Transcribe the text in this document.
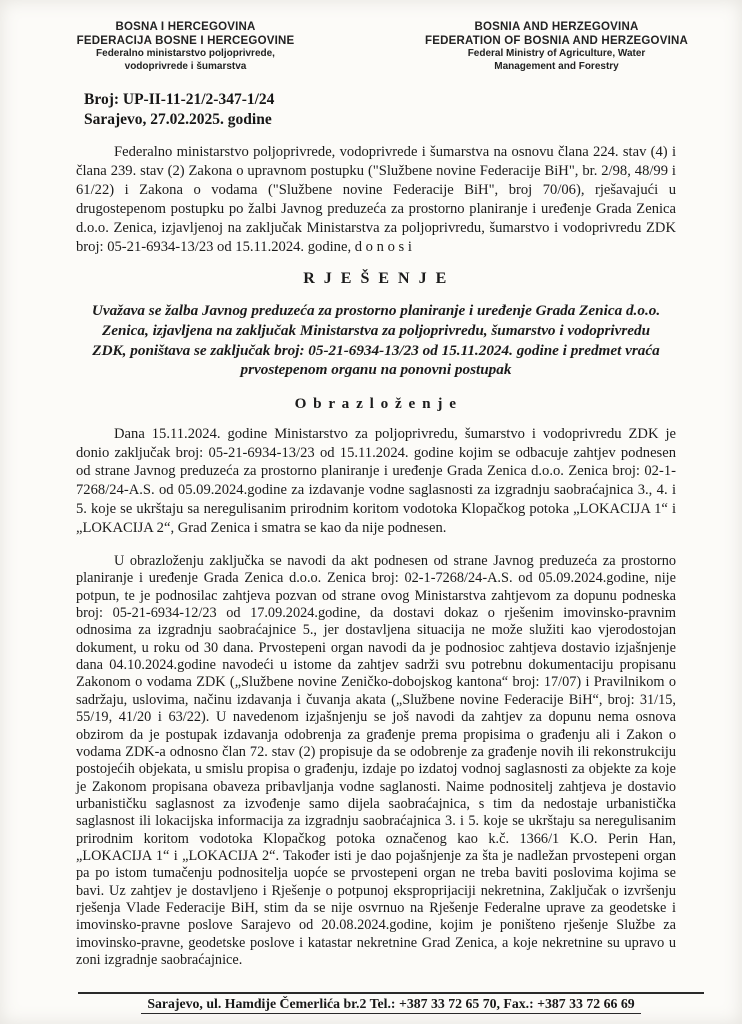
BOSNA I HERCEGOVINA
FEDERACIJA BOSNE I HERCEGOVINE
Federalno ministarstvo poljoprivrede,
vodoprivrede i šumarstva
BOSNIA AND HERZEGOVINA
FEDERATION OF BOSNIA AND HERZEGOVINA
Federal Ministry of Agriculture, Water
Management and Forestry
Broj: UP-II-11-21/2-347-1/24
Sarajevo, 27.02.2025. godine

Federalno ministarstvo poljoprivrede, vodoprivrede i šumarstva na osnovu člana 224. stav (4) i člana 239. stav (2) Zakona o upravnom postupku ("Službene novine Federacije BiH", br. 2/98, 48/99 i 61/22) i Zakona o vodama ("Službene novine Federacije BiH", broj 70/06), rješavajući u drugostepenom postupku po žalbi Javnog preduzeća za prostorno planiranje i uređenje Grada Zenica d.o.o. Zenica, izjavljenoj na zaključak Ministarstva za poljoprivredu, šumarstvo i vodoprivredu ZDK broj: 05-21-6934-13/23 od 15.11.2024. godine, d o n o s i

R J E Š E N J E

Uvažava se žalba Javnog preduzeća za prostorno planiranje i uređenje Grada Zenica d.o.o. Zenica, izjavljena na zaključak Ministarstva za poljoprivredu, šumarstvo i vodoprivredu ZDK, poništava se zaključak broj: 05-21-6934-13/23 od 15.11.2024. godine i predmet vraća prvostepenom organu na ponovni postupak

O b r a z l o ž e n j e

Dana 15.11.2024. godine Ministarstvo za poljoprivredu, šumarstvo i vodoprivredu ZDK je donio zaključak broj: 05-21-6934-13/23 od 15.11.2024. godine kojim se odbacuje zahtjev podnesen od strane Javnog preduzeća za prostorno planiranje i uređenje Grada Zenica d.o.o. Zenica broj: 02-1-7268/24-A.S. od 05.09.2024.godine za izdavanje vodne saglasnosti za izgradnju saobraćajnica 3., 4. i 5. koje se ukrštaju sa neregulisanim prirodnim koritom vodotoka Klopačkog potoka „LOKACIJA 1“ i „LOKACIJA 2“, Grad Zenica i smatra se kao da nije podnesen.

U obrazloženju zaključka se navodi da akt podnesen od strane Javnog preduzeća za prostorno planiranje i uređenje Grada Zenica d.o.o. Zenica broj: 02-1-7268/24-A.S. od 05.09.2024.godine, nije potpun, te je podnosilac zahtjeva pozvan od strane ovog Ministarstva zahtjevom za dopunu podneska broj: 05-21-6934-12/23 od 17.09.2024.godine, da dostavi dokaz o rješenim imovinsko-pravnim odnosima za izgradnju saobraćajnice 5., jer dostavljena situacija ne može služiti kao vjerodostojan dokument, u roku od 30 dana. Prvostepeni organ navodi da je podnosioc zahtjeva dostavio izjašnjenje dana 04.10.2024.godine navodeći u istome da zahtjev sadrži svu potrebnu dokumentaciju propisanu Zakonom o vodama ZDK („Službene novine Zeničko-dobojskog kantona“ broj: 17/07) i Pravilnikom o sadržaju, uslovima, načinu izdavanja i čuvanja akata („Službene novine Federacije BiH“, broj: 31/15, 55/19, 41/20 i 63/22). U navedenom izjašnjenju se još navodi da zahtjev za dopunu nema osnova obzirom da je postupak izdavanja odobrenja za građenje prema propisima o građenju ali i Zakon o vodama ZDK-a odnosno član 72. stav (2) propisuje da se odobrenje za građenje novih ili rekonstrukciju postojećih objekata, u smislu propisa o građenju, izdaje po izdatoj vodnoj saglasnosti za objekte za koje je Zakonom propisana obaveza pribavljanja vodne saglanosti. Naime podnositelj zahtjeva je dostavio urbanističku saglasnost za izvođenje samo dijela saobraćajnica, s tim da nedostaje urbanistička saglasnost ili lokacijska informacija za izgradnju saobraćajnica 3. i 5. koje se ukrštaju sa neregulisanim prirodnim koritom vodotoka Klopačkog potoka označenog kao k.č. 1366/1 K.O. Perin Han, „LOKACIJA 1“ i „LOKACIJA 2“. Također isti je dao pojašnjenje za šta je nadležan prvostepeni organ pa po istom tumačenju podnositelja uopće se prvostepeni organ ne treba baviti poslovima kojima se bavi. Uz zahtjev je dostavljeno i Rješenje o potpunoj eksproprijaciji nekretnina, Zaključak o izvršenju rješenja Vlade Federacije BiH, stim da se nije osvrnuo na Rješenje Federalne uprave za geodetske i imovinsko-pravne poslove Sarajevo od 20.08.2024.godine, kojim je poništeno rješenje Službe za imovinsko-pravne, geodetske poslove i katastar nekretnine Grad Zenica, a koje nekretnine su upravo u zoni izgradnje saobraćajnice.

Sarajevo, ul. Hamdije Čemerlića br.2 Tel.: +387 33 72 65 70, Fax.: +387 33 72 66 69
